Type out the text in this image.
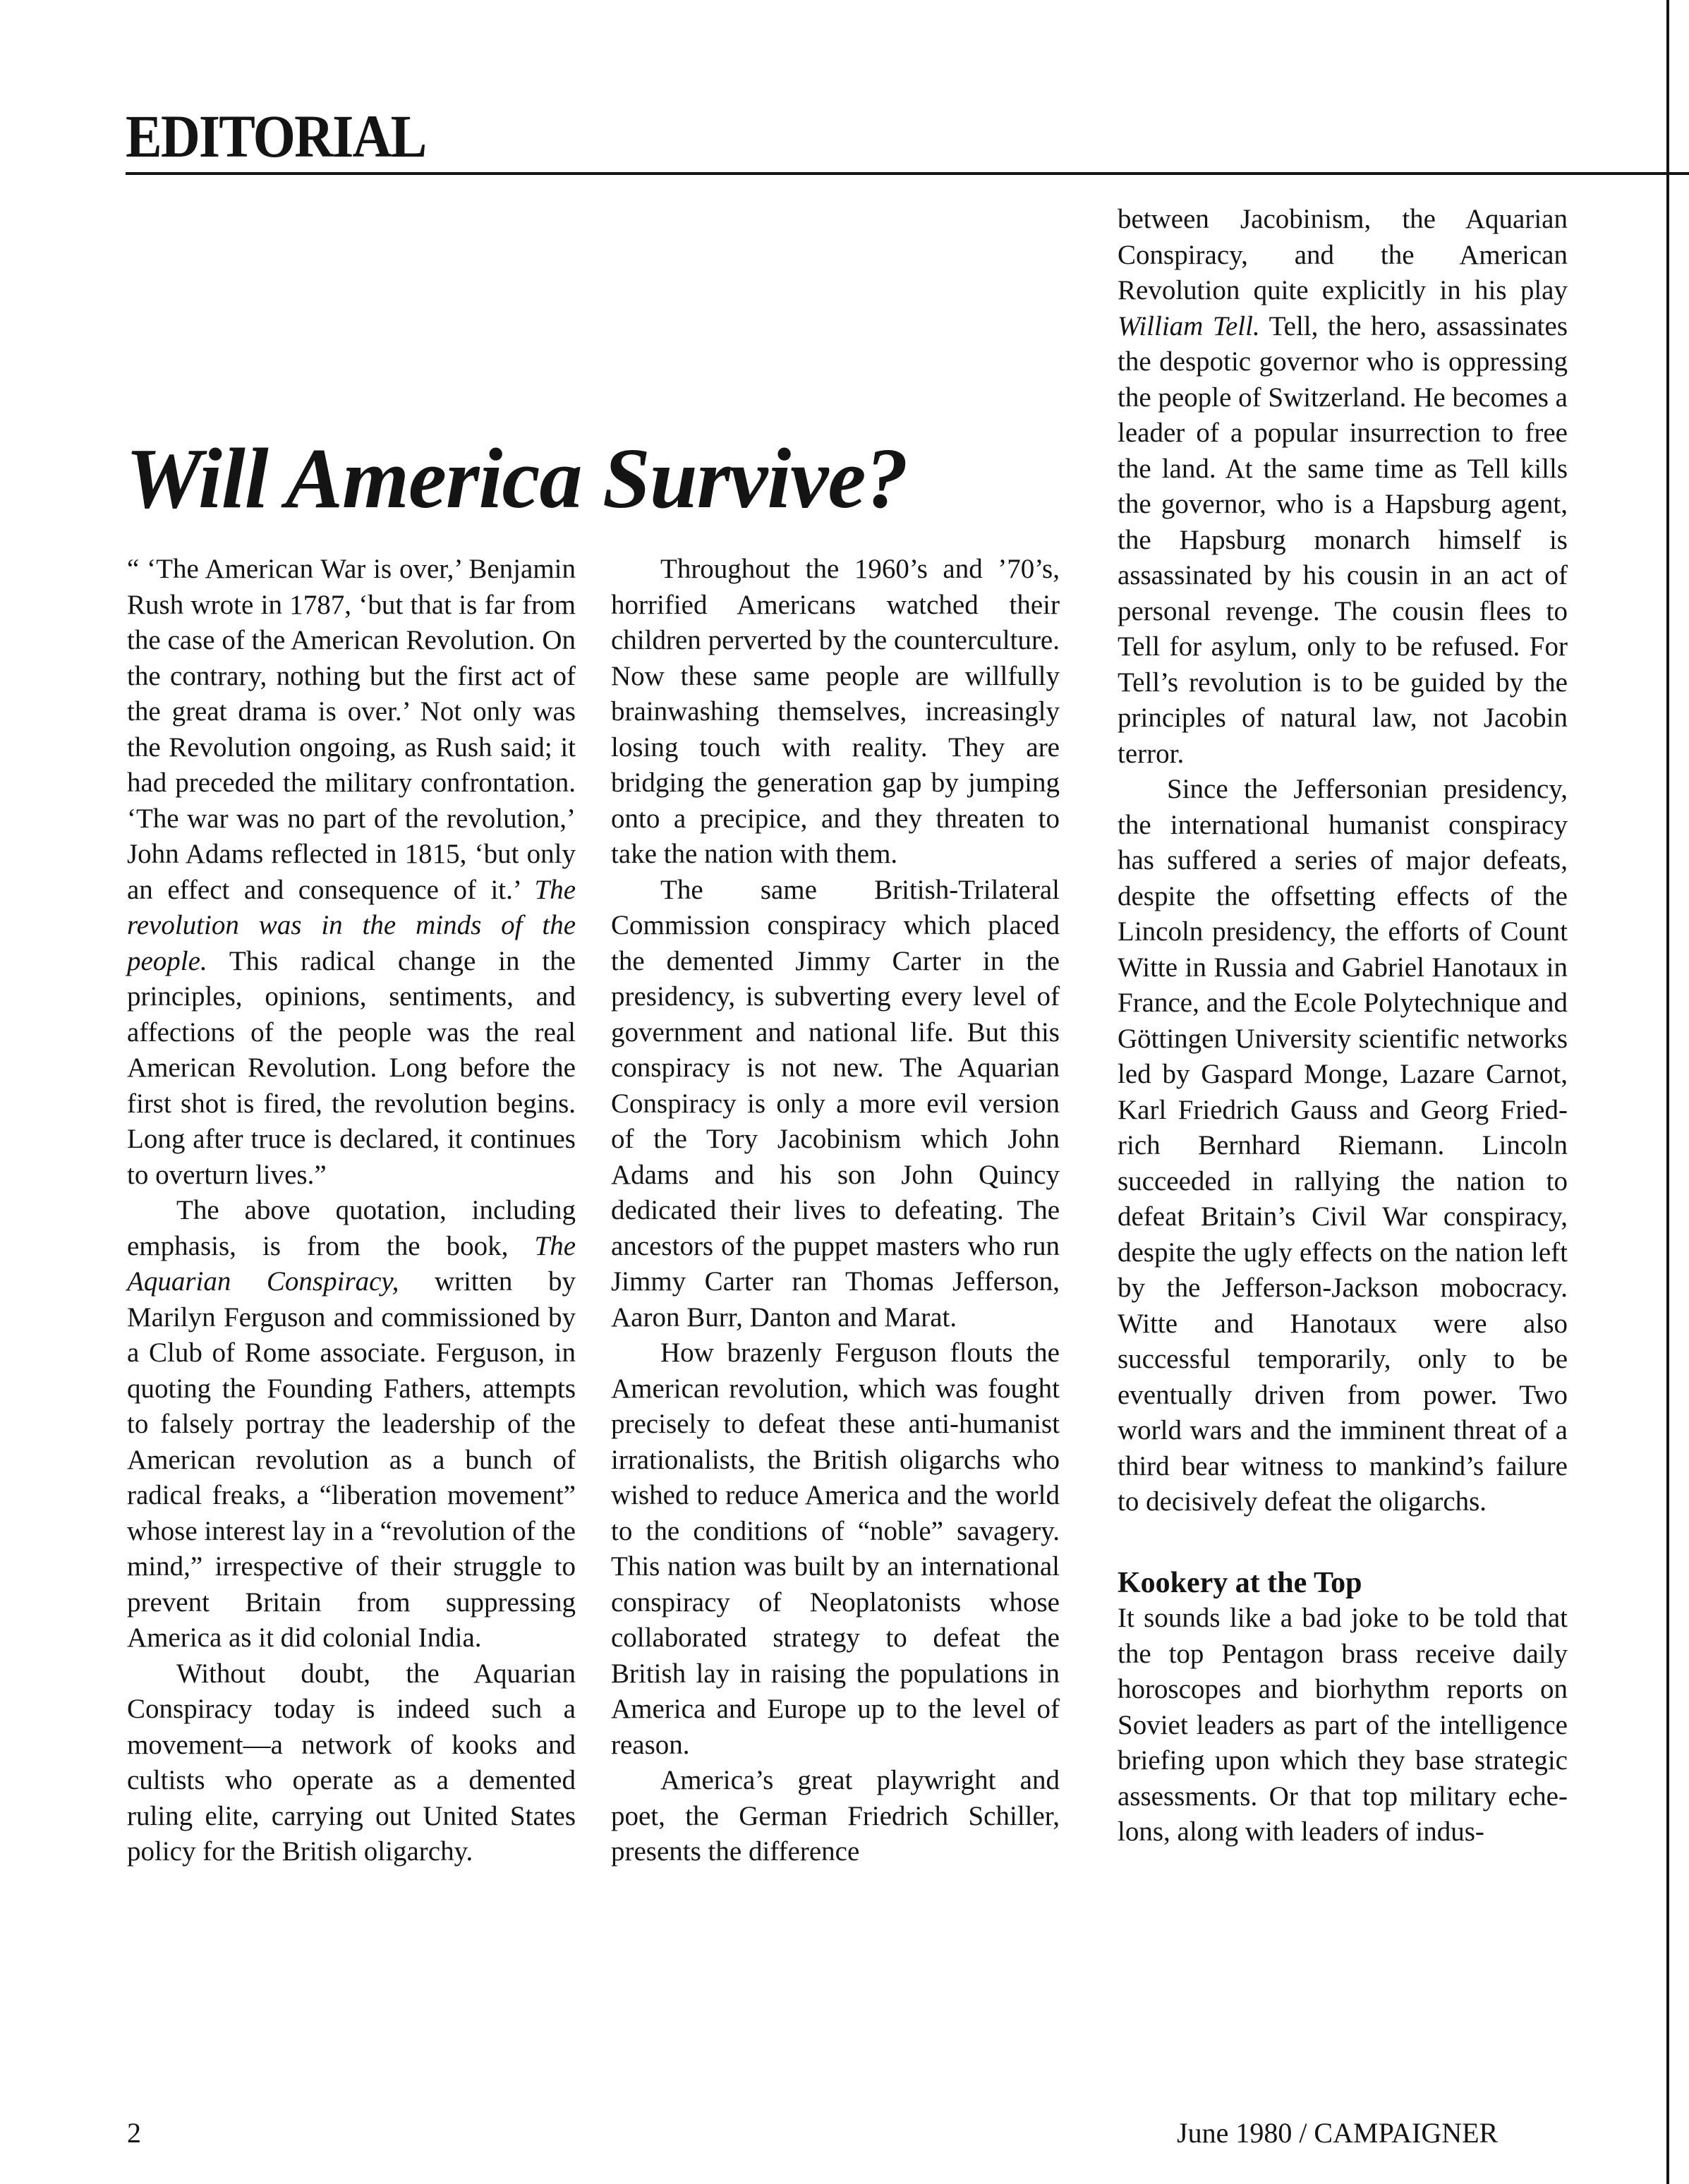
EDITORIAL
Will America Survive?

“ ‘The American War is over,’ Benjamin Rush wrote in 1787, ‘but that is far from the case of the American Revolution. On the contrary, nothing but the first act of the great drama is over.’ Not only was the Revolution ongoing, as Rush said; it had preceded the military confrontation. ‘The war was no part of the revolution,’ John Adams reflected in 1815, ‘but only an effect and consequence of it.’ The revolution was in the minds of the people. This radical change in the principles, opinions, sentiments, and affections of the people was the real American Revolution. Long before the first shot is fired, the revolution begins. Long after truce is declared, it continues to overturn lives.”

The above quotation, including emphasis, is from the book, The Aquarian Conspiracy, written by Marilyn Ferguson and commissioned by a Club of Rome associate. Ferguson, in quoting the Founding Fathers, attempts to falsely portray the leadership of the American revolution as a bunch of radical freaks, a “liberation movement” whose interest lay in a “revolution of the mind,” irrespective of their struggle to prevent Britain from suppressing America as it did colonial India.

Without doubt, the Aquarian Conspiracy today is indeed such a movement—a network of kooks and cultists who operate as a demented ruling elite, carrying out United States policy for the British oligarchy.

Throughout the 1960’s and ’70’s, horrified Americans watched their children perverted by the counterculture. Now these same people are willfully brainwashing themselves, increasingly losing touch with reality. They are bridging the generation gap by jumping onto a precipice, and they threaten to take the nation with them.

The same British-Trilateral Commission conspiracy which placed the demented Jimmy Carter in the presidency, is subverting every level of government and national life. But this conspiracy is not new. The Aquarian Conspiracy is only a more evil version of the Tory Jacobinism which John Adams and his son John Quincy dedicated their lives to defeating. The ancestors of the puppet masters who run Jimmy Carter ran Thomas Jefferson, Aaron Burr, Danton and Marat.

How brazenly Ferguson flouts the American revolution, which was fought precisely to defeat these anti-humanist irrationalists, the British oligarchs who wished to reduce America and the world to the conditions of “noble” savagery. This nation was built by an international conspiracy of Neoplatonists whose collaborated strategy to defeat the British lay in raising the populations in America and Europe up to the level of reason.

America’s great playwright and poet, the German Friedrich Schiller, presents the difference

between Jacobinism, the Aquarian Conspiracy, and the American Revolution quite explicitly in his play William Tell. Tell, the hero, assassinates the despotic governor who is oppressing the people of Switzerland. He becomes a leader of a popular insurrection to free the land. At the same time as Tell kills the governor, who is a Hapsburg agent, the Hapsburg monarch himself is assassinated by his cousin in an act of personal revenge. The cousin flees to Tell for asylum, only to be refused. For Tell’s revolution is to be guided by the principles of natural law, not Jacobin terror.

Since the Jeffersonian presidency, the international humanist conspiracy has suffered a series of major defeats, despite the offsetting effects of the Lincoln presidency, the efforts of Count Witte in Russia and Gabriel Hanotaux in France, and the Ecole Polytechnique and Göttingen University scientific networks led by Gaspard Monge, Lazare Carnot, Karl Friedrich Gauss and Georg Friedrich Bernhard Riemann. Lincoln succeeded in rallying the nation to defeat Britain’s Civil War conspiracy, despite the ugly effects on the nation left by the Jefferson-Jackson mobocracy. Witte and Hanotaux were also successful temporarily, only to be eventually driven from power. Two world wars and the imminent threat of a third bear witness to mankind’s failure to decisively defeat the oligarchs.

Kookery at the Top

It sounds like a bad joke to be told that the top Pentagon brass receive daily horoscopes and biorhythm reports on Soviet leaders as part of the intelligence briefing upon which they base strategic assessments. Or that top military echelons, along with leaders of indus-

2	June 1980 / CAMPAIGNER
